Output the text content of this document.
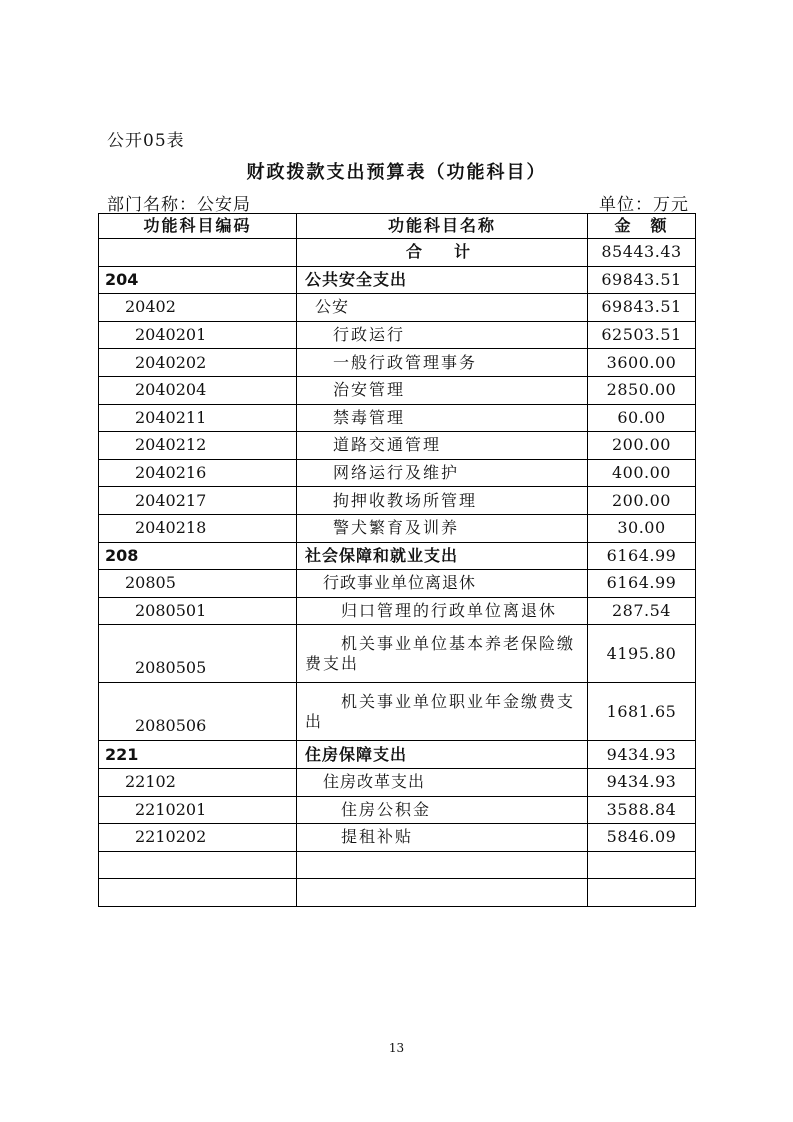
公开05表
财政拨款支出预算表（功能科目）
部门名称：公安局	单位：万元
功能科目编码	功能科目名称	金　额
	合　计	85443.43
204	公共安全支出	69843.51
20402	公安	69843.51
2040201	行政运行	62503.51
2040202	一般行政管理事务	3600.00
2040204	治安管理	2850.00
2040211	禁毒管理	60.00
2040212	道路交通管理	200.00
2040216	网络运行及维护	400.00
2040217	拘押收教场所管理	200.00
2040218	警犬繁育及训养	30.00
208	社会保障和就业支出	6164.99
20805	行政事业单位离退休	6164.99
2080501	归口管理的行政单位离退休	287.54
2080505	机关事业单位基本养老保险缴费支出	4195.80
2080506	机关事业单位职业年金缴费支出	1681.65
221	住房保障支出	9434.93
22102	住房改革支出	9434.93
2210201	住房公积金	3588.84
2210202	提租补贴	5846.09

13
